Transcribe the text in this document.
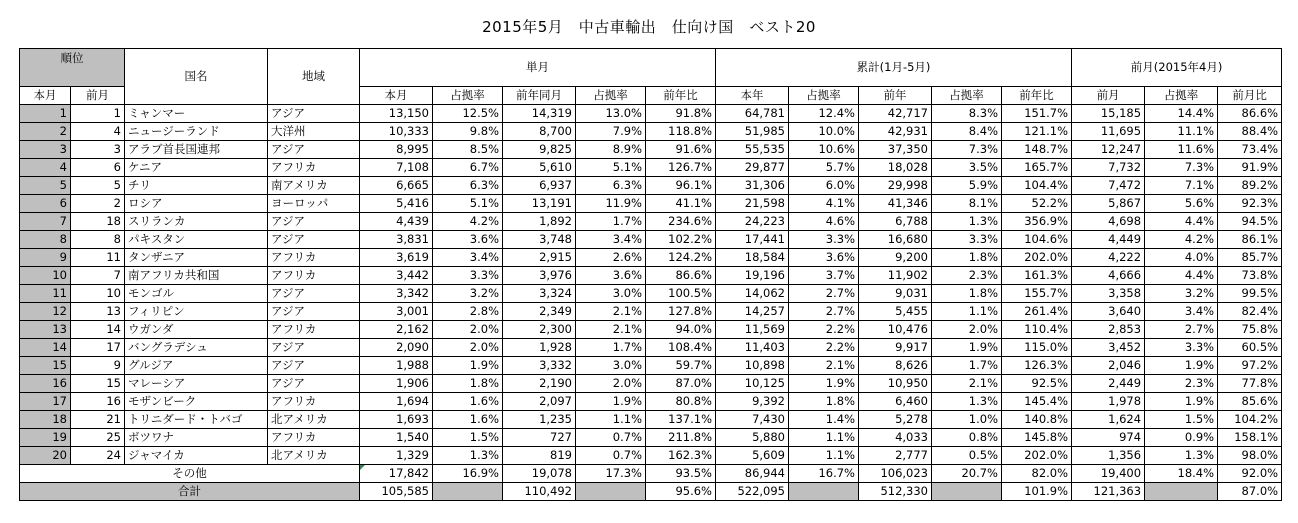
2015年5月　中古車輸出　仕向け国　ベスト20
順位		国名	地域	単月					累計(1月-5月)					前月(2015年4月)		
本月	前月			本月	占拠率	前年同月	占拠率	前年比	本年	占拠率	前年	占拠率	前年比	前月	占拠率	前月比
1	1	ミャンマー	アジア	13,150	12.5%	14,319	13.0%	91.8%	64,781	12.4%	42,717	8.3%	151.7%	15,185	14.4%	86.6%
2	4	ニュージーランド	大洋州	10,333	9.8%	8,700	7.9%	118.8%	51,985	10.0%	42,931	8.4%	121.1%	11,695	11.1%	88.4%
3	3	アラブ首長国連邦	アジア	8,995	8.5%	9,825	8.9%	91.6%	55,535	10.6%	37,350	7.3%	148.7%	12,247	11.6%	73.4%
4	6	ケニア	アフリカ	7,108	6.7%	5,610	5.1%	126.7%	29,877	5.7%	18,028	3.5%	165.7%	7,732	7.3%	91.9%
5	5	チリ	南アメリカ	6,665	6.3%	6,937	6.3%	96.1%	31,306	6.0%	29,998	5.9%	104.4%	7,472	7.1%	89.2%
6	2	ロシア	ヨーロッパ	5,416	5.1%	13,191	11.9%	41.1%	21,598	4.1%	41,346	8.1%	52.2%	5,867	5.6%	92.3%
7	18	スリランカ	アジア	4,439	4.2%	1,892	1.7%	234.6%	24,223	4.6%	6,788	1.3%	356.9%	4,698	4.4%	94.5%
8	8	パキスタン	アジア	3,831	3.6%	3,748	3.4%	102.2%	17,441	3.3%	16,680	3.3%	104.6%	4,449	4.2%	86.1%
9	11	タンザニア	アフリカ	3,619	3.4%	2,915	2.6%	124.2%	18,584	3.6%	9,200	1.8%	202.0%	4,222	4.0%	85.7%
10	7	南アフリカ共和国	アフリカ	3,442	3.3%	3,976	3.6%	86.6%	19,196	3.7%	11,902	2.3%	161.3%	4,666	4.4%	73.8%
11	10	モンゴル	アジア	3,342	3.2%	3,324	3.0%	100.5%	14,062	2.7%	9,031	1.8%	155.7%	3,358	3.2%	99.5%
12	13	フィリピン	アジア	3,001	2.8%	2,349	2.1%	127.8%	14,257	2.7%	5,455	1.1%	261.4%	3,640	3.4%	82.4%
13	14	ウガンダ	アフリカ	2,162	2.0%	2,300	2.1%	94.0%	11,569	2.2%	10,476	2.0%	110.4%	2,853	2.7%	75.8%
14	17	バングラデシュ	アジア	2,090	2.0%	1,928	1.7%	108.4%	11,403	2.2%	9,917	1.9%	115.0%	3,452	3.3%	60.5%
15	9	グルジア	アジア	1,988	1.9%	3,332	3.0%	59.7%	10,898	2.1%	8,626	1.7%	126.3%	2,046	1.9%	97.2%
16	15	マレーシア	アジア	1,906	1.8%	2,190	2.0%	87.0%	10,125	1.9%	10,950	2.1%	92.5%	2,449	2.3%	77.8%
17	16	モザンビーク	アフリカ	1,694	1.6%	2,097	1.9%	80.8%	9,392	1.8%	6,460	1.3%	145.4%	1,978	1.9%	85.6%
18	21	トリニダード・トバゴ	北アメリカ	1,693	1.6%	1,235	1.1%	137.1%	7,430	1.4%	5,278	1.0%	140.8%	1,624	1.5%	104.2%
19	25	ボツワナ	アフリカ	1,540	1.5%	727	0.7%	211.8%	5,880	1.1%	4,033	0.8%	145.8%	974	0.9%	158.1%
20	24	ジャマイカ	北アメリカ	1,329	1.3%	819	0.7%	162.3%	5,609	1.1%	2,777	0.5%	202.0%	1,356	1.3%	98.0%
その他				17,842	16.9%	19,078	17.3%	93.5%	86,944	16.7%	106,023	20.7%	82.0%	19,400	18.4%	92.0%
合計				105,585		110,492		95.6%	522,095		512,330		101.9%	121,363		87.0%
